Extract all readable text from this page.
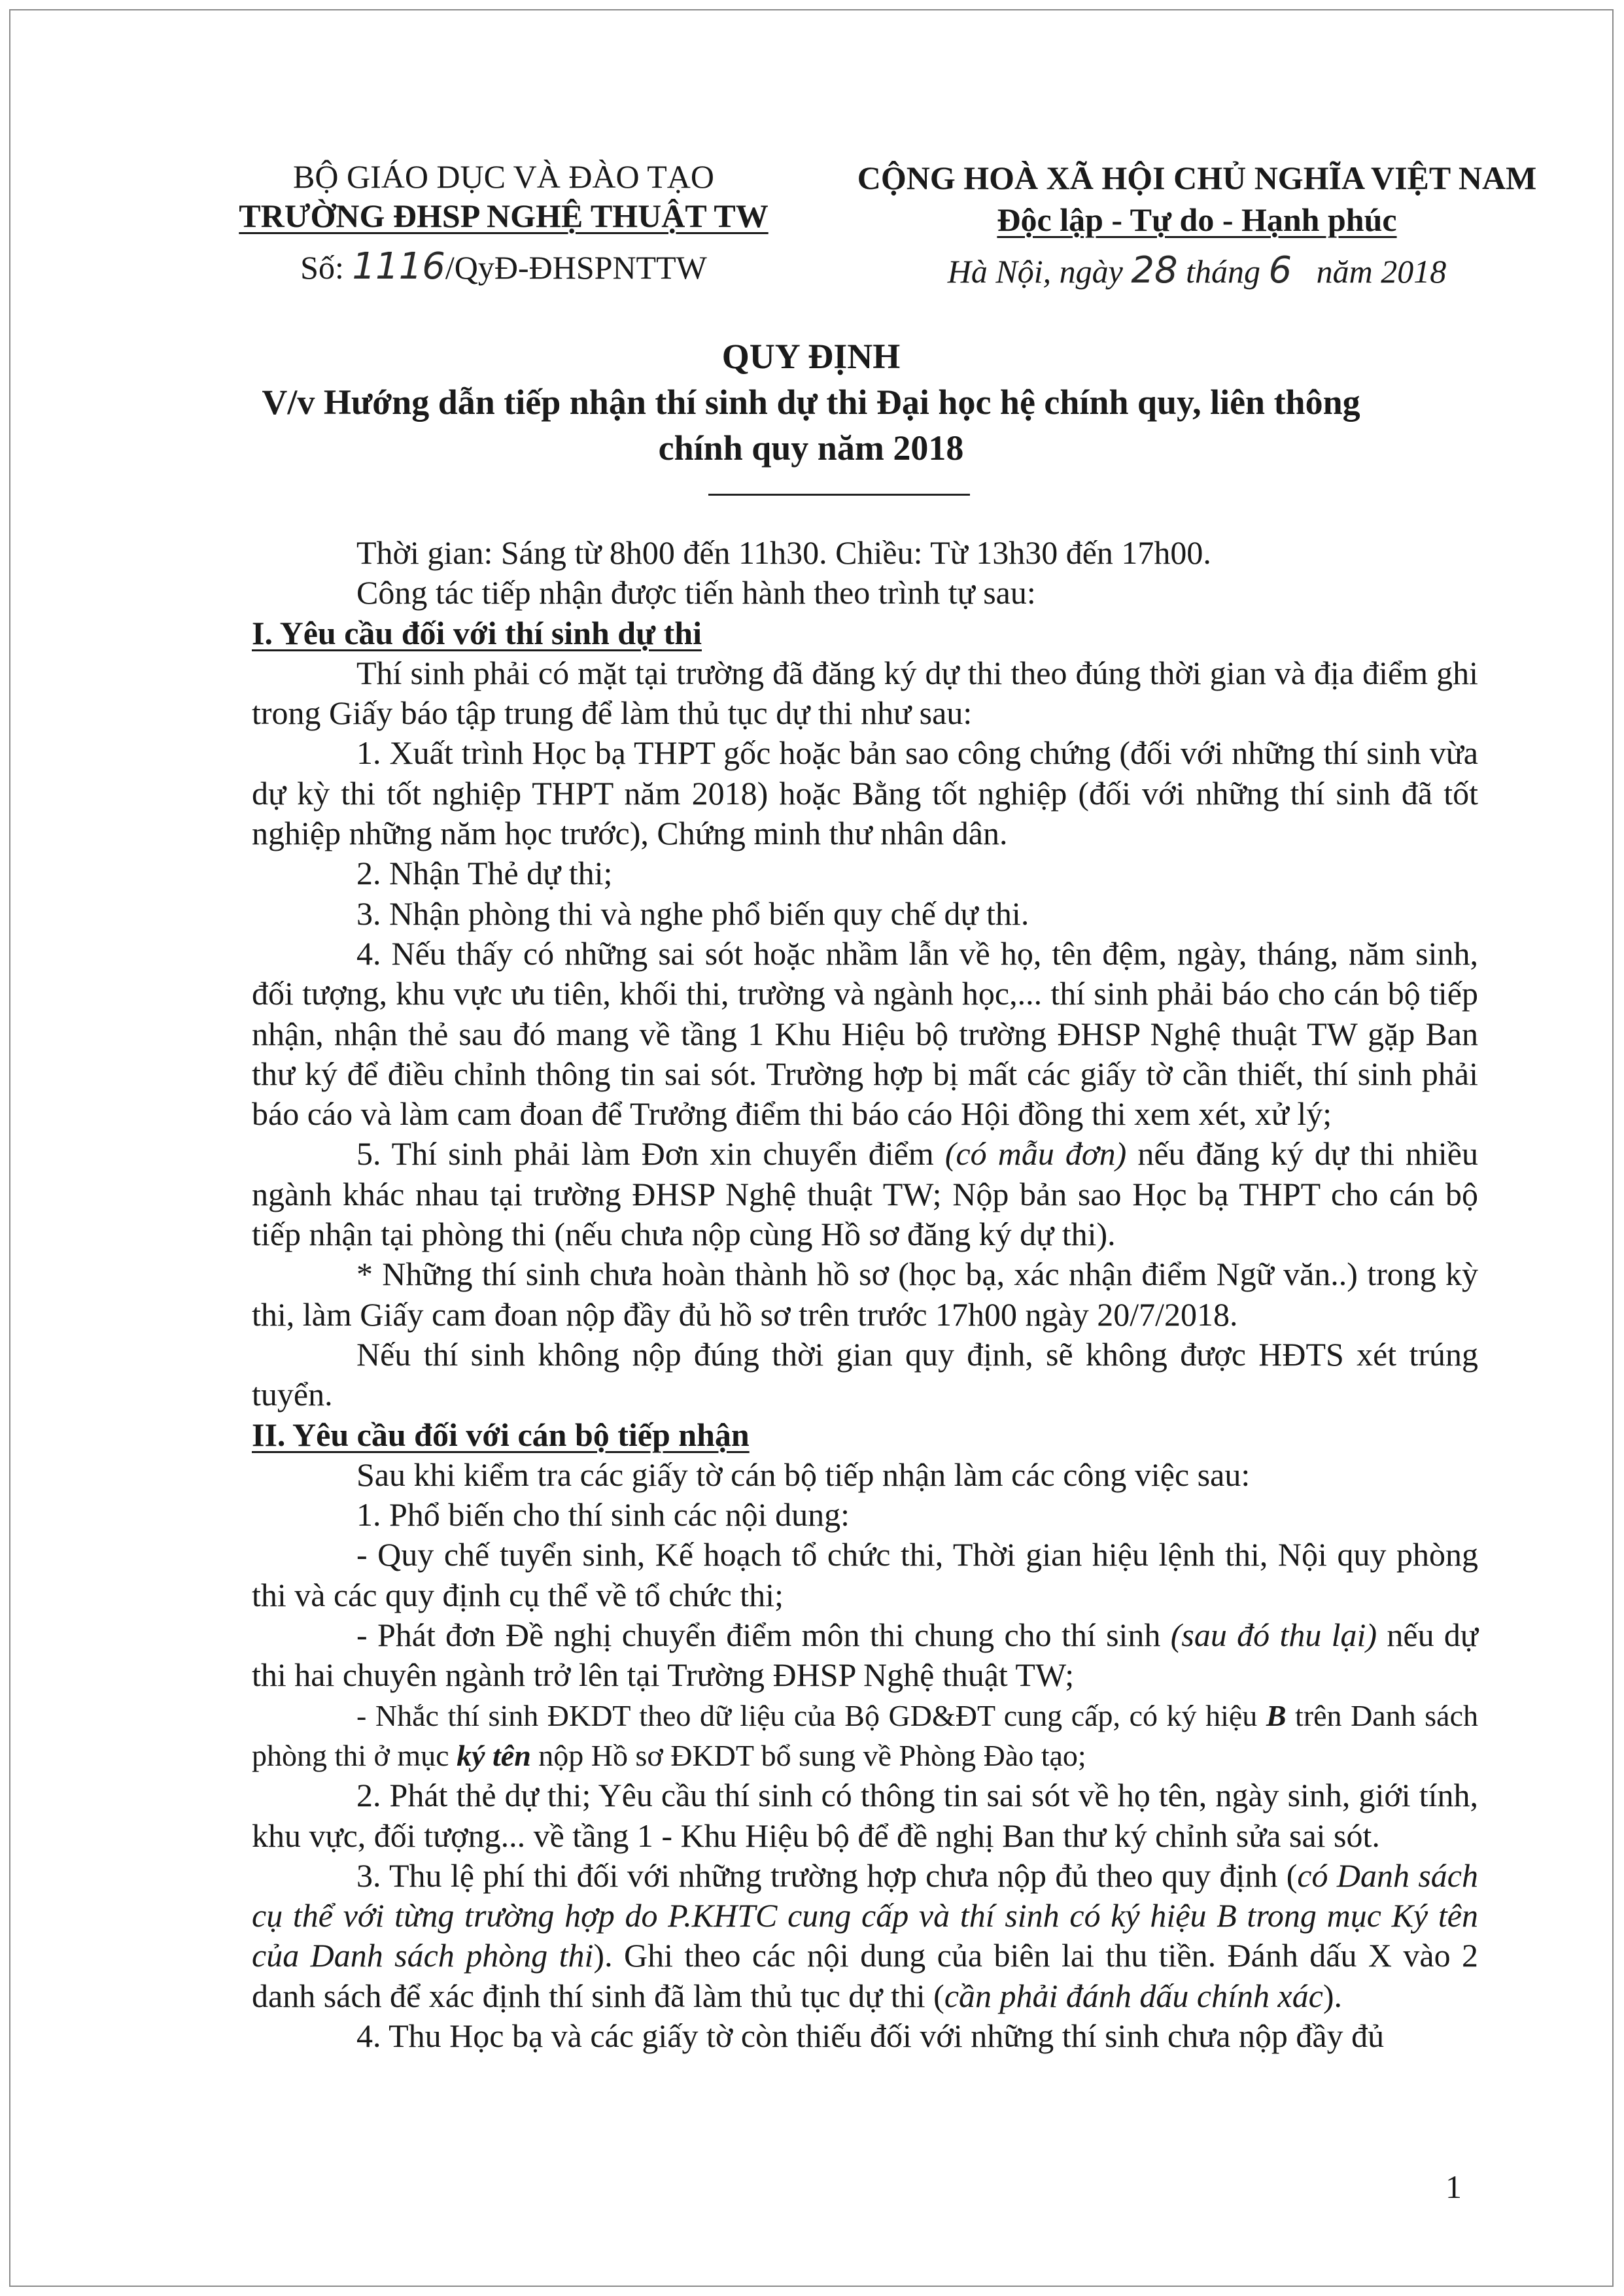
BỘ GIÁO DỤC VÀ ĐÀO TẠO
TRƯỜNG ĐHSP NGHỆ THUẬT TW
Số: 1116/QyĐ-ĐHSPNTTW
CỘNG HOÀ XÃ HỘI CHỦ NGHĨA VIỆT NAM
Độc lập - Tự do - Hạnh phúc
Hà Nội, ngày 28 tháng 6   năm 2018
QUY ĐỊNH
V/v Hướng dẫn tiếp nhận thí sinh dự thi Đại học hệ chính quy, liên thông chính quy năm 2018

Thời gian: Sáng từ 8h00 đến 11h30. Chiều: Từ 13h30 đến 17h00.

Công tác tiếp nhận được tiến hành theo trình tự sau:

I. Yêu cầu đối với thí sinh dự thi

Thí sinh phải có mặt tại trường đã đăng ký dự thi theo đúng thời gian và địa điểm ghi trong Giấy báo tập trung để làm thủ tục dự thi như sau:

1. Xuất trình Học bạ THPT gốc hoặc bản sao công chứng (đối với những thí sinh vừa dự kỳ thi tốt nghiệp THPT năm 2018) hoặc Bằng tốt nghiệp (đối với những thí sinh đã tốt nghiệp những năm học trước), Chứng minh thư nhân dân.

2. Nhận Thẻ dự thi;

3. Nhận phòng thi và nghe phổ biến quy chế dự thi.

4. Nếu thấy có những sai sót hoặc nhầm lẫn về họ, tên đệm, ngày, tháng, năm sinh, đối tượng, khu vực ưu tiên, khối thi, trường và ngành học,... thí sinh phải báo cho cán bộ tiếp nhận, nhận thẻ sau đó mang về tầng 1 Khu Hiệu bộ trường ĐHSP Nghệ thuật TW gặp Ban thư ký để điều chỉnh thông tin sai sót. Trường hợp bị mất các giấy tờ cần thiết, thí sinh phải báo cáo và làm cam đoan để Trưởng điểm thi báo cáo Hội đồng thi xem xét, xử lý;

5. Thí sinh phải làm Đơn xin chuyển điểm (có mẫu đơn) nếu đăng ký dự thi nhiều ngành khác nhau tại trường ĐHSP Nghệ thuật TW; Nộp bản sao Học bạ THPT cho cán bộ tiếp nhận tại phòng thi (nếu chưa nộp cùng Hồ sơ đăng ký dự thi).

* Những thí sinh chưa hoàn thành hồ sơ (học bạ, xác nhận điểm Ngữ văn..) trong kỳ thi, làm Giấy cam đoan nộp đầy đủ hồ sơ trên trước 17h00 ngày 20/7/2018.

Nếu thí sinh không nộp đúng thời gian quy định, sẽ không được HĐTS xét trúng tuyển.

II. Yêu cầu đối với cán bộ tiếp nhận

Sau khi kiểm tra các giấy tờ cán bộ tiếp nhận làm các công việc sau:

1. Phổ biến cho thí sinh các nội dung:

- Quy chế tuyển sinh, Kế hoạch tổ chức thi, Thời gian hiệu lệnh thi, Nội quy phòng thi và các quy định cụ thể về tổ chức thi;

- Phát đơn Đề nghị chuyển điểm môn thi chung cho thí sinh (sau đó thu lại) nếu dự thi hai chuyên ngành trở lên tại Trường ĐHSP Nghệ thuật TW;

- Nhắc thí sinh ĐKDT theo dữ liệu của Bộ GD&ĐT cung cấp, có ký hiệu B trên Danh sách phòng thi ở mục ký tên nộp Hồ sơ ĐKDT bổ sung về Phòng Đào tạo;

2. Phát thẻ dự thi; Yêu cầu thí sinh có thông tin sai sót về họ tên, ngày sinh, giới tính, khu vực, đối tượng... về tầng 1 - Khu Hiệu bộ để đề nghị Ban thư ký chỉnh sửa sai sót.

3. Thu lệ phí thi đối với những trường hợp chưa nộp đủ theo quy định (có Danh sách cụ thể với từng trường hợp do P.KHTC cung cấp và thí sinh có ký hiệu B trong mục Ký tên của Danh sách phòng thi). Ghi theo các nội dung của biên lai thu tiền. Đánh dấu X vào 2 danh sách để xác định thí sinh đã làm thủ tục dự thi (cần phải đánh dấu chính xác).

4. Thu Học bạ và các giấy tờ còn thiếu đối với những thí sinh chưa nộp đầy đủ

1
